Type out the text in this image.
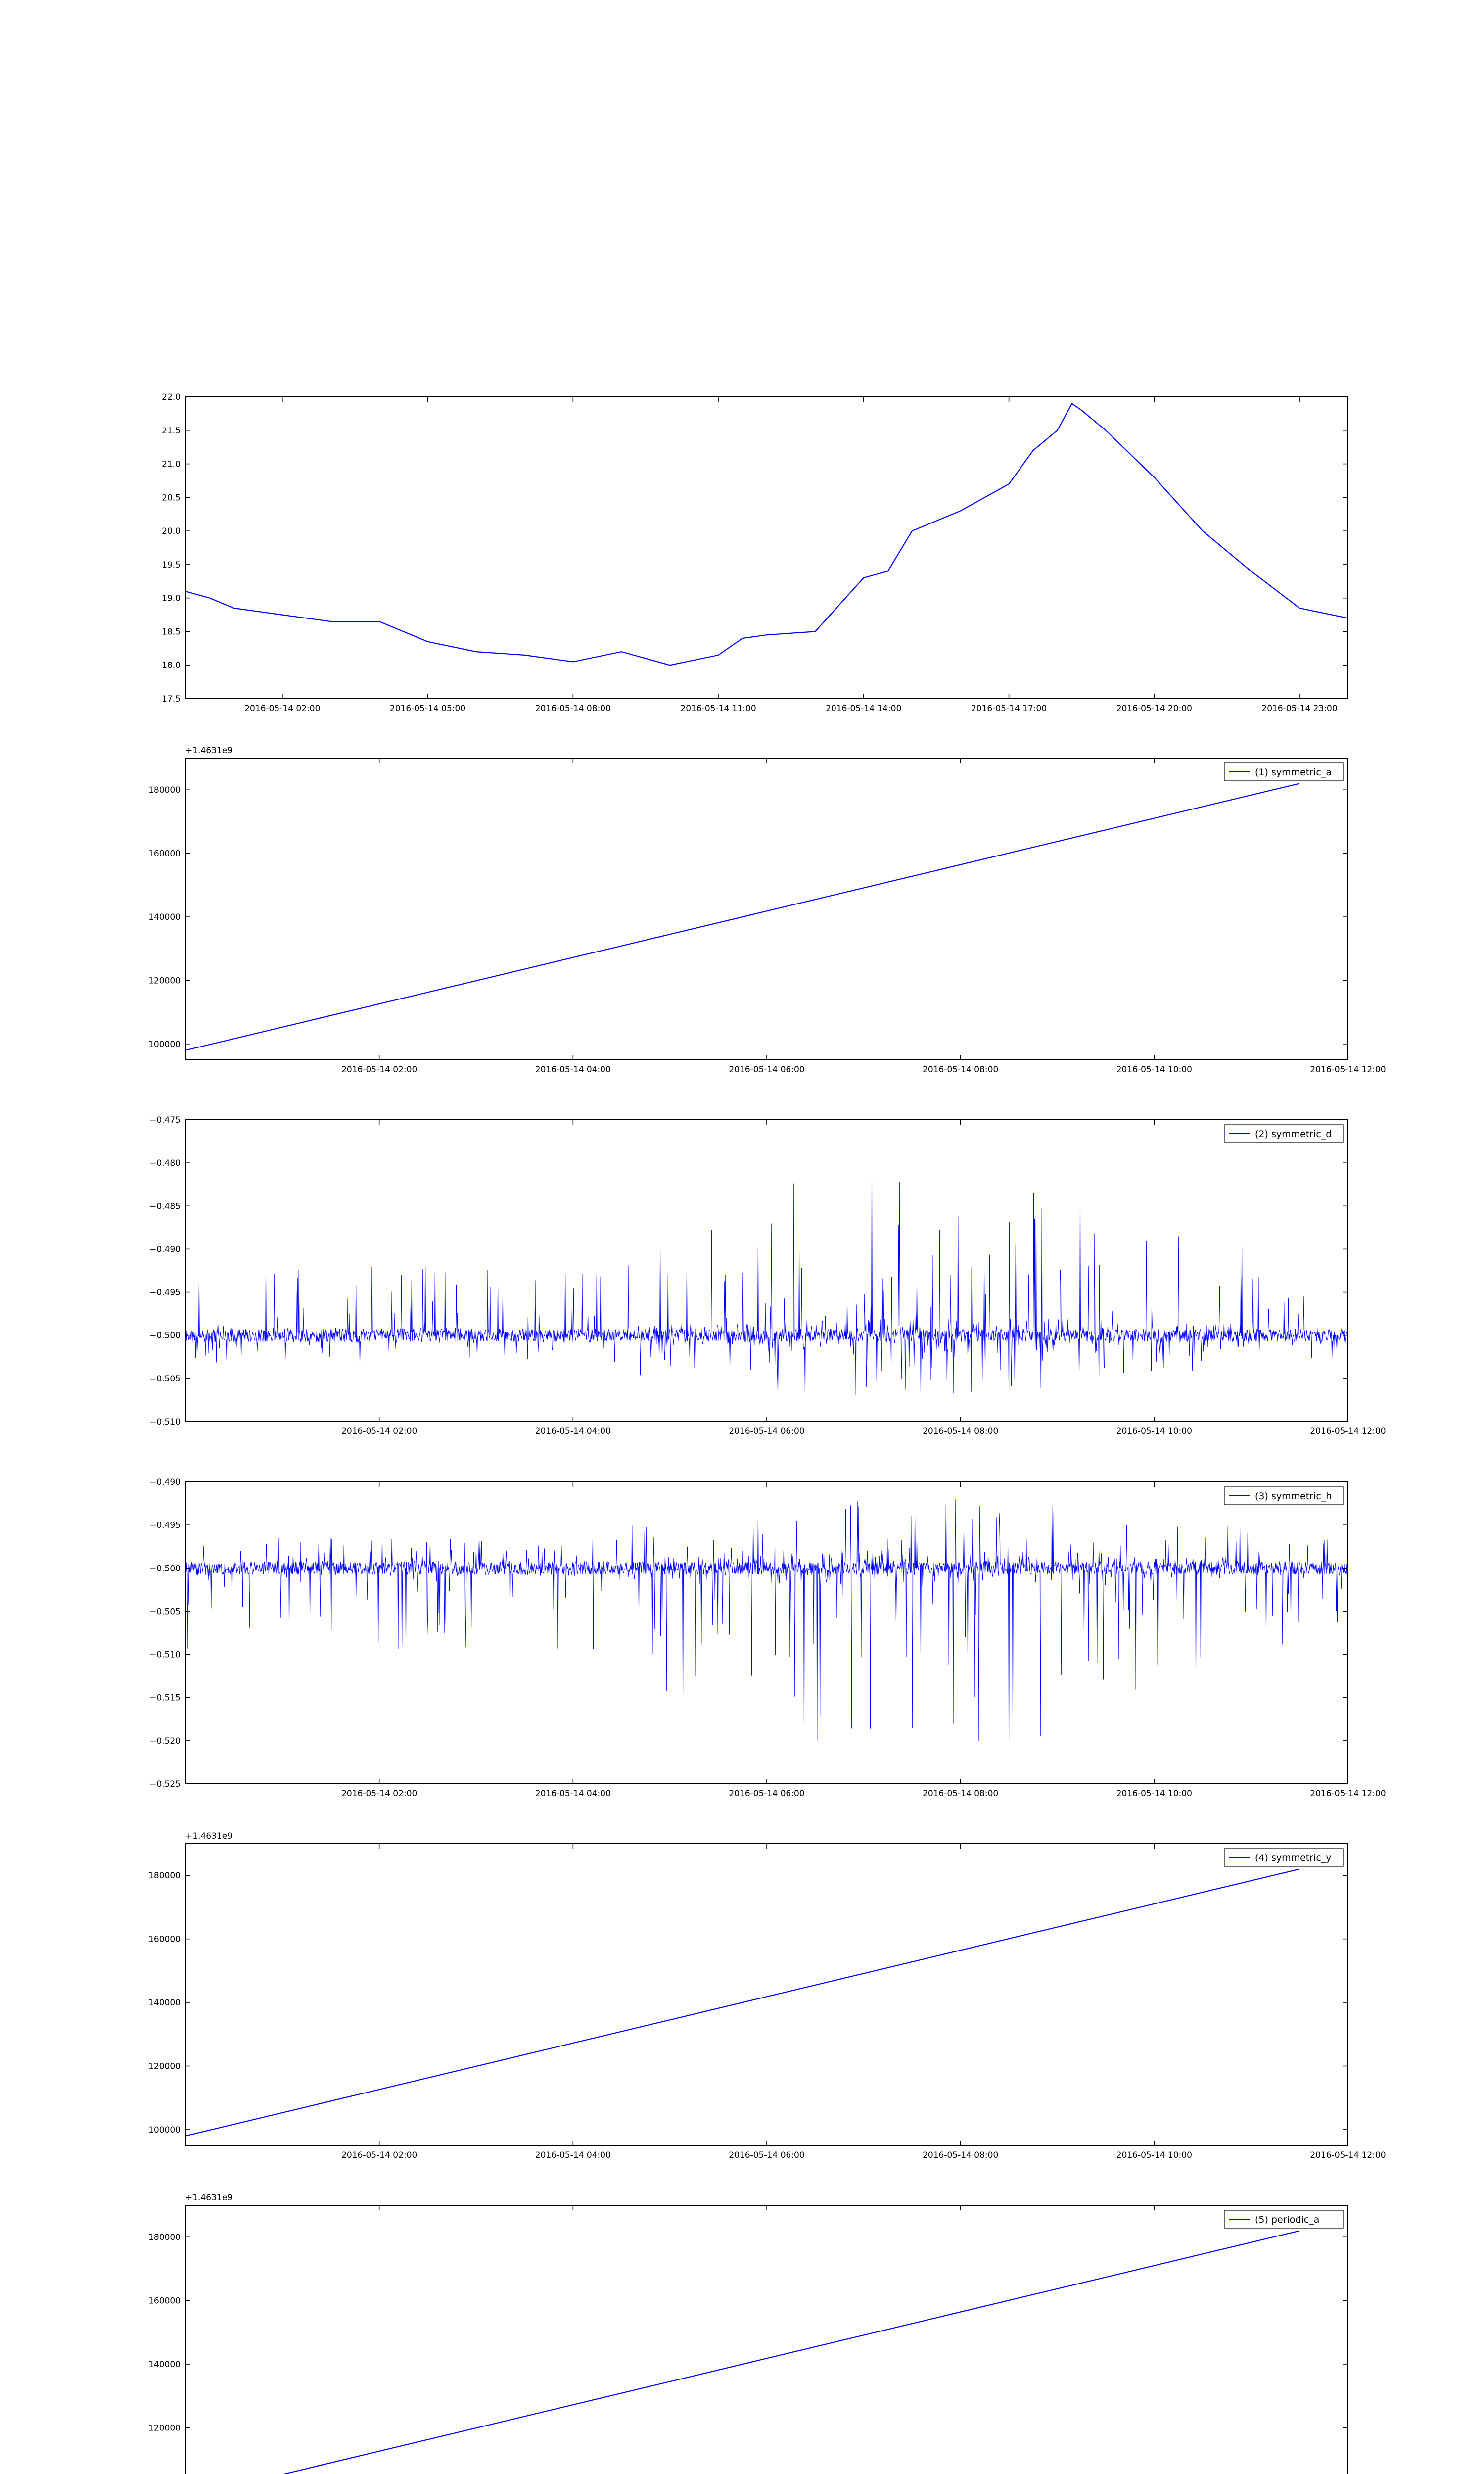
2016-05-14 02:00	2016-05-14 05:00	2016-05-14 08:00	2016-05-14 11:00	2016-05-14 14:00	2016-05-14 17:00	2016-05-14 20:00	2016-05-14 23:00
17.5
18.0
18.5
19.0
19.5
20.0
20.5
21.0
21.5
22.0
2016-05-14 02:00	2016-05-14 04:00	2016-05-14 06:00	2016-05-14 08:00	2016-05-14 10:00	2016-05-14 12:00
100000
120000
140000
160000
180000
+1.4631e9
(1) symmetric_a
2016-05-14 02:00	2016-05-14 04:00	2016-05-14 06:00	2016-05-14 08:00	2016-05-14 10:00	2016-05-14 12:00
−0.475
−0.480
−0.485
−0.490
−0.495
−0.500
−0.505
−0.510
(2) symmetric_d
2016-05-14 02:00	2016-05-14 04:00	2016-05-14 06:00	2016-05-14 08:00	2016-05-14 10:00	2016-05-14 12:00
−0.490
−0.495
−0.500
−0.505
−0.510
−0.515
−0.520
−0.525
(3) symmetric_h
2016-05-14 02:00	2016-05-14 04:00	2016-05-14 06:00	2016-05-14 08:00	2016-05-14 10:00	2016-05-14 12:00
100000
120000
140000
160000
180000
+1.4631e9
(4) symmetric_y
120000
140000
160000
180000
+1.4631e9
(5) periodic_a
